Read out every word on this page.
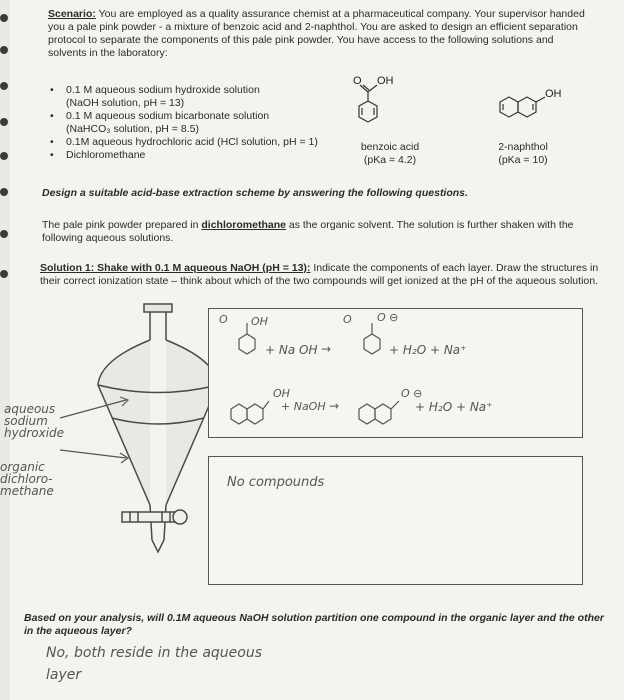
Scenario: You are employed as a quality assurance chemist at a pharmaceutical company. Your supervisor handed you a pale pink powder - a mixture of benzoic acid and 2-naphthol. You are asked to design an efficient separation protocol to separate the components of this pale pink powder. You have access to the following solutions and solvents in the laboratory:
• 0.1 M aqueous sodium hydroxide solution
(NaOH solution, pH = 13)
• 0.1 M aqueous sodium bicarbonate solution
(NaHCO₃ solution, pH = 8.5)
• 0.1M aqueous hydrochloric acid (HCl solution, pH = 1)
• Dichloromethane
O OH
OH
benzoic acid
(pKa = 4.2)
2-naphthol
(pKa = 10)
Design a suitable acid-base extraction scheme by answering the following questions.
The pale pink powder prepared in dichloromethane as the organic solvent. The solution is further shaken with the following aqueous solutions.
Solution 1: Shake with 0.1 M aqueous NaOH (pH = 13): Indicate the components of each layer. Draw the structures in their correct ionization state – think about which of the two compounds will get ionized at the pH of the aqueous solution.
aqueous
sodium
hydroxide
organic
dichloro-
methane
O OH
+ Na OH →
O O ⊖
+ H₂O + Na⁺
OH
+ NaOH →
O ⊖
+ H₂O + Na⁺
No compounds
Based on your analysis, will 0.1M aqueous NaOH solution partition one compound in the organic layer and the other in the aqueous layer?
No, both reside in the aqueous
layer
